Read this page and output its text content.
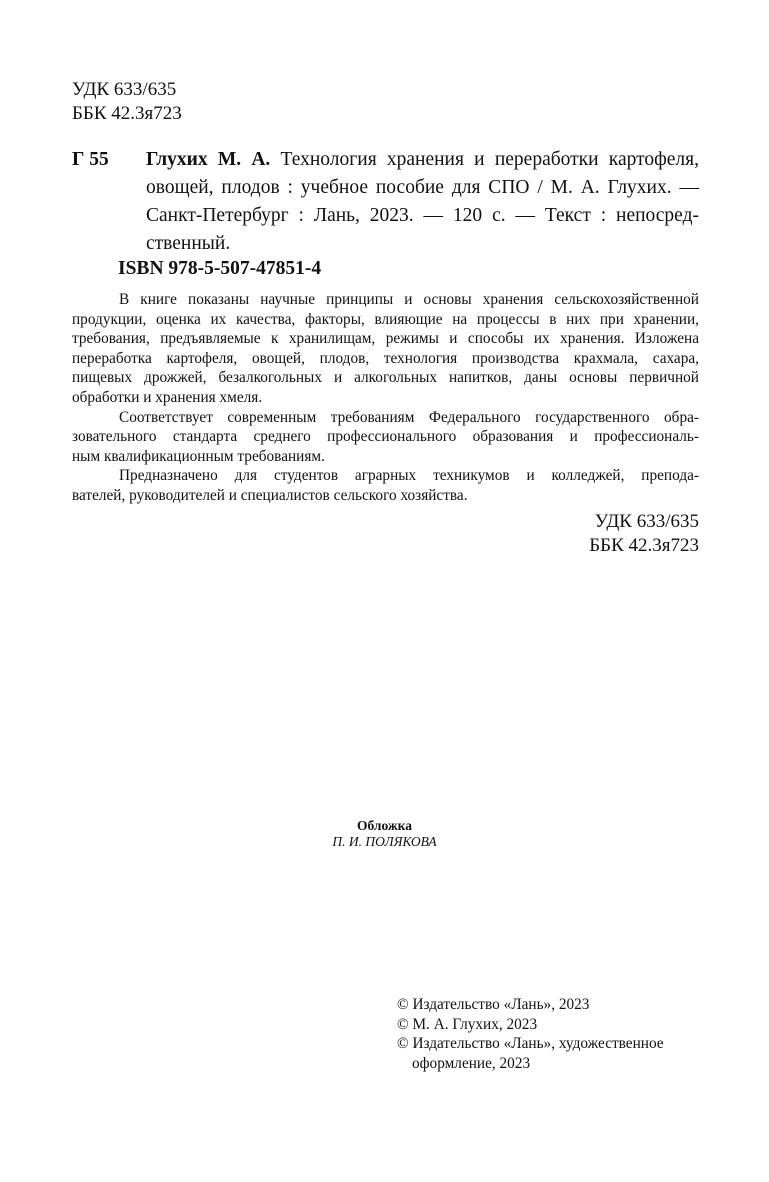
УДК 633/635
ББК 42.3я723
Г 55 Глухих М. А. Технология хранения и переработки картофеля,
овощей, плодов : учебное пособие для СПО / М. А. Глухих. —
Санкт-Петербург : Лань, 2023. — 120 с. — Текст : непосред-
ственный.
ISBN 978-5-507-47851-4
В книге показаны научные принципы и основы хранения сельскохозяйственной
продукции, оценка их качества, факторы, влияющие на процессы в них при хранении,
требования, предъявляемые к хранилищам, режимы и способы их хранения. Изложена
переработка картофеля, овощей, плодов, технология производства крахмала, сахара,
пищевых дрожжей, безалкогольных и алкогольных напитков, даны основы первичной
обработки и хранения хмеля.
Соответствует современным требованиям Федерального государственного обра-
зовательного стандарта среднего профессионального образования и профессиональ-
ным квалификационным требованиям.
Предназначено для студентов аграрных техникумов и колледжей, препода-
вателей, руководителей и специалистов сельского хозяйства.
УДК 633/635
ББК 42.3я723
Обложка
П. И. ПОЛЯКОВА
© Издательство «Лань», 2023
© М. А. Глухих, 2023
© Издательство «Лань», художественное
оформление, 2023
